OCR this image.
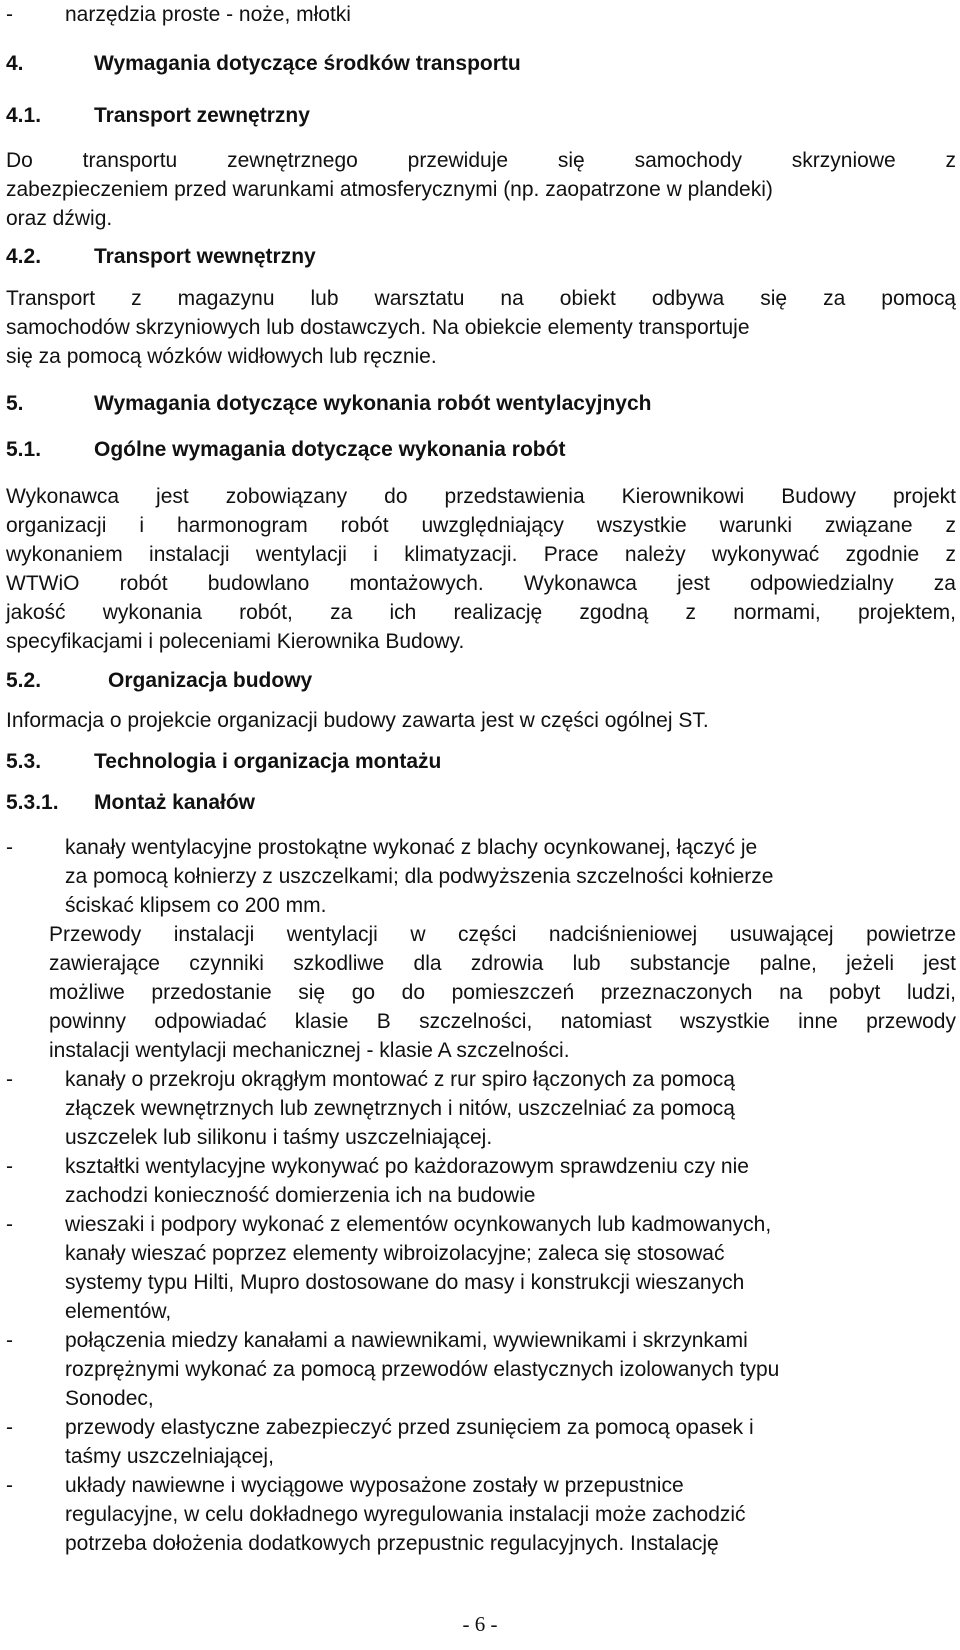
- narzędzia proste - noże, młotki
4.	Wymagania dotyczące środków transportu
4.1.	Transport zewnętrzny
Do transportu zewnętrznego przewiduje się samochody skrzyniowe z
zabezpieczeniem przed warunkami atmosferycznymi (np. zaopatrzone w plandeki)
oraz dźwig.
4.2.	Transport wewnętrzny
Transport z magazynu lub warsztatu na obiekt odbywa się za pomocą
samochodów skrzyniowych lub dostawczych. Na obiekcie elementy transportuje
się za pomocą wózków widłowych lub ręcznie.
5.	Wymagania dotyczące wykonania robót wentylacyjnych
5.1.	Ogólne wymagania dotyczące wykonania robót
Wykonawca jest zobowiązany do przedstawienia Kierownikowi Budowy projekt
organizacji i harmonogram robót uwzględniający wszystkie warunki związane z
wykonaniem instalacji wentylacji i klimatyzacji. Prace należy wykonywać zgodnie z
WTWiO robót budowlano montażowych. Wykonawca jest odpowiedzialny za
jakość wykonania robót, za ich realizację zgodną z normami, projektem,
specyfikacjami i poleceniami Kierownika Budowy.
5.2.	Organizacja budowy
Informacja o projekcie organizacji budowy zawarta jest w części ogólnej ST.
5.3.	Technologia i organizacja montażu
5.3.1. Montaż kanałów
- kanały wentylacyjne prostokątne wykonać z blachy ocynkowanej, łączyć je
za pomocą kołnierzy z uszczelkami; dla podwyższenia szczelności kołnierze
ściskać klipsem co 200 mm.
Przewody instalacji wentylacji w części nadciśnieniowej usuwającej powietrze
zawierające czynniki szkodliwe dla zdrowia lub substancje palne, jeżeli jest
możliwe przedostanie się go do pomieszczeń przeznaczonych na pobyt ludzi,
powinny odpowiadać klasie B szczelności, natomiast wszystkie inne przewody
instalacji wentylacji mechanicznej - klasie A szczelności.
- kanały o przekroju okrągłym montować z rur spiro łączonych za pomocą
złączek wewnętrznych lub zewnętrznych i nitów, uszczelniać za pomocą
uszczelek lub silikonu i taśmy uszczelniającej.
- kształtki wentylacyjne wykonywać po każdorazowym sprawdzeniu czy nie
zachodzi konieczność domierzenia ich na budowie
- wieszaki i podpory wykonać z elementów ocynkowanych lub kadmowanych,
kanały wieszać poprzez elementy wibroizolacyjne; zaleca się stosować
systemy typu Hilti, Mupro dostosowane do masy i konstrukcji wieszanych
elementów,
- połączenia miedzy kanałami a nawiewnikami, wywiewnikami i skrzynkami
rozprężnymi wykonać za pomocą przewodów elastycznych izolowanych typu
Sonodec,
- przewody elastyczne zabezpieczyć przed zsunięciem za pomocą opasek i
taśmy uszczelniającej,
- układy nawiewne i wyciągowe wyposażone zostały w przepustnice
regulacyjne, w celu dokładnego wyregulowania instalacji może zachodzić
potrzeba dołożenia dodatkowych przepustnic regulacyjnych. Instalację
- 6 -
